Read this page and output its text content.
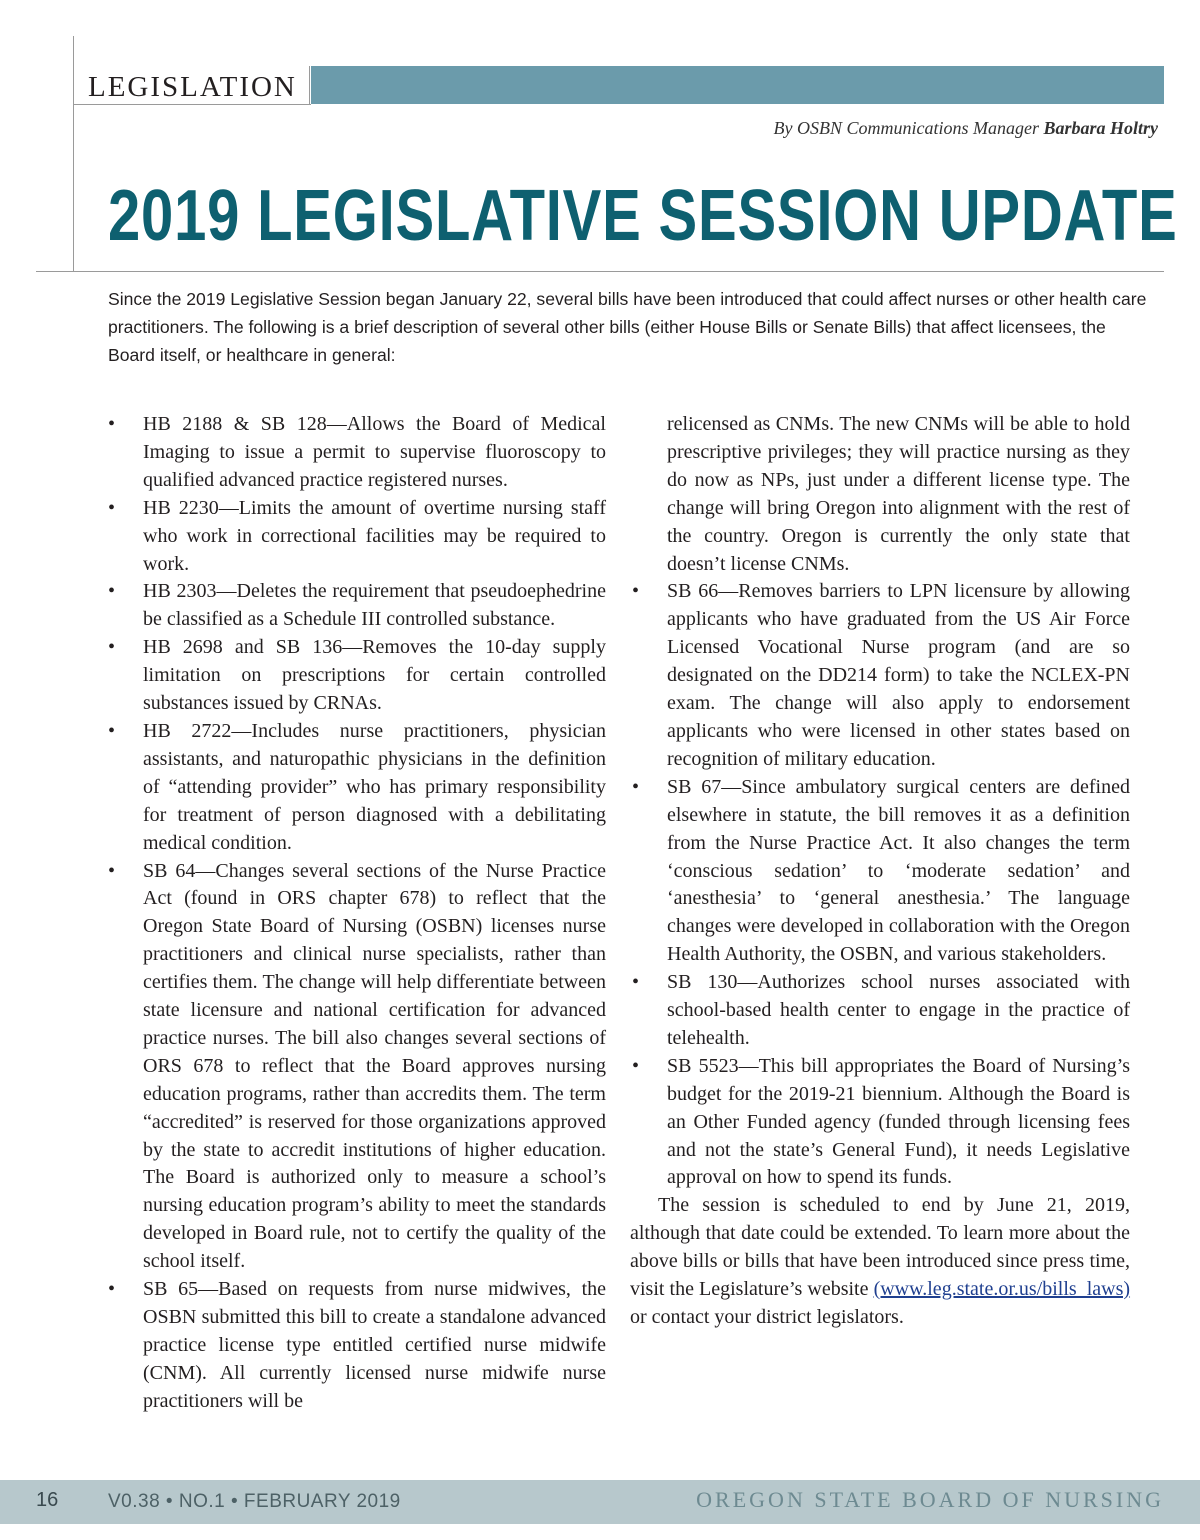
LEGISLATION
By OSBN Communications Manager Barbara Holtry
2019 LEGISLATIVE SESSION UPDATE
Since the 2019 Legislative Session began January 22, several bills have been introduced that could affect nurses or other health care practitioners. The following is a brief description of several other bills (either House Bills or Senate Bills) that affect licensees, the Board itself, or healthcare in general:
• HB 2188 & SB 128—Allows the Board of Medical Imaging to issue a permit to supervise fluoroscopy to qualified advanced practice registered nurses.
• HB 2230—Limits the amount of overtime nursing staff who work in correctional facilities may be required to work.
• HB 2303—Deletes the requirement that pseudoephedrine be classified as a Schedule III controlled substance.
• HB 2698 and SB 136—Removes the 10-day supply limitation on prescriptions for certain controlled substances issued by CRNAs.
• HB 2722—Includes nurse practitioners, physician assistants, and naturopathic physicians in the definition of “attending provider” who has primary responsibility for treatment of person diagnosed with a debilitating medical condition.
• SB 64—Changes several sections of the Nurse Practice Act (found in ORS chapter 678) to reflect that the Oregon State Board of Nursing (OSBN) licenses nurse practitioners and clinical nurse specialists, rather than certifies them. The change will help differentiate between state licensure and national certification for advanced practice nurses. The bill also changes several sections of ORS 678 to reflect that the Board approves nursing education programs, rather than accredits them. The term “accredited” is reserved for those organizations approved by the state to accredit institutions of higher education. The Board is authorized only to measure a school’s nursing education program’s ability to meet the standards developed in Board rule, not to certify the quality of the school itself.
• SB 65—Based on requests from nurse midwives, the OSBN submitted this bill to create a standalone advanced practice license type entitled certified nurse midwife (CNM). All currently licensed nurse midwife nurse practitioners will be
relicensed as CNMs. The new CNMs will be able to hold prescriptive privileges; they will practice nursing as they do now as NPs, just under a different license type. The change will bring Oregon into alignment with the rest of the country. Oregon is currently the only state that doesn’t license CNMs.
• SB 66—Removes barriers to LPN licensure by allowing applicants who have graduated from the US Air Force Licensed Vocational Nurse program (and are so designated on the DD214 form) to take the NCLEX-PN exam. The change will also apply to endorsement applicants who were licensed in other states based on recognition of military education.
• SB 67—Since ambulatory surgical centers are defined elsewhere in statute, the bill removes it as a definition from the Nurse Practice Act. It also changes the term ‘conscious sedation’ to ‘moderate sedation’ and ‘anesthesia’ to ‘general anesthesia.’ The language changes were developed in collaboration with the Oregon Health Authority, the OSBN, and various stakeholders.
• SB 130—Authorizes school nurses associated with school-based health center to engage in the practice of telehealth.
• SB 5523—This bill appropriates the Board of Nursing’s budget for the 2019-21 biennium. Although the Board is an Other Funded agency (funded through licensing fees and not the state’s General Fund), it needs Legislative approval on how to spend its funds.
The session is scheduled to end by June 21, 2019, although that date could be extended. To learn more about the above bills or bills that have been introduced since press time, visit the Legislature’s website (www.leg.state.or.us/bills_laws) or contact your district legislators.
16	V0.38 • NO.1 • FEBRUARY 2019	OREGON STATE BOARD OF NURSING
